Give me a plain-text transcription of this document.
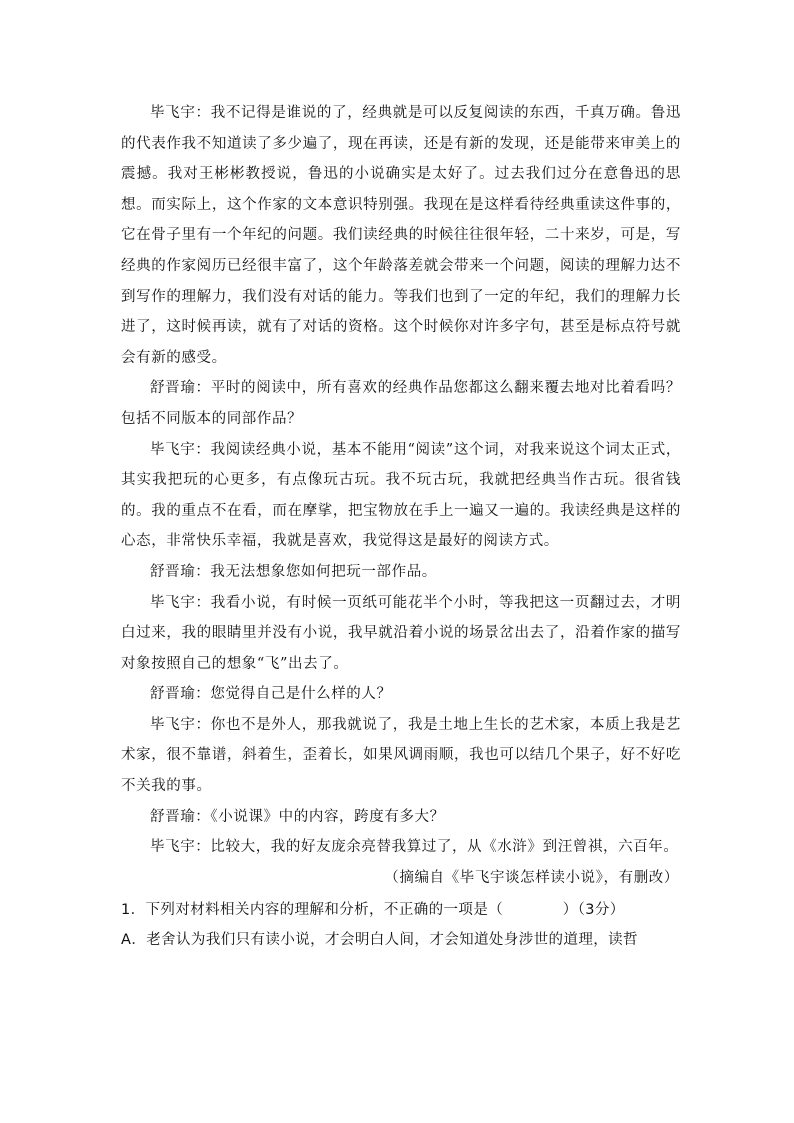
毕飞宇：我不记得是谁说的了，经典就是可以反复阅读的东西，千真万确。鲁迅的代表作我不知道读了多少遍了，现在再读，还是有新的发现，还是能带来审美上的震撼。我对王彬彬教授说，鲁迅的小说确实是太好了。过去我们过分在意鲁迅的思想。而实际上，这个作家的文本意识特别强。我现在是这样看待经典重读这件事的，它在骨子里有一个年纪的问题。我们读经典的时候往往很年轻，二十来岁，可是，写经典的作家阅历已经很丰富了，这个年龄落差就会带来一个问题，阅读的理解力达不到写作的理解力，我们没有对话的能力。等我们也到了一定的年纪，我们的理解力长进了，这时候再读，就有了对话的资格。这个时候你对许多字句，甚至是标点符号就会有新的感受。

舒晋瑜：平时的阅读中，所有喜欢的经典作品您都这么翻来覆去地对比着看吗？包括不同版本的同部作品？

毕飞宇：我阅读经典小说，基本不能用“阅读”这个词，对我来说这个词太正式，其实我把玩的心更多，有点像玩古玩。我不玩古玩，我就把经典当作古玩。很省钱的。我的重点不在看，而在摩挲，把宝物放在手上一遍又一遍的。我读经典是这样的心态，非常快乐幸福，我就是喜欢，我觉得这是最好的阅读方式。

舒晋瑜：我无法想象您如何把玩一部作品。

毕飞宇：我看小说，有时候一页纸可能花半个小时，等我把这一页翻过去，才明白过来，我的眼睛里并没有小说，我早就沿着小说的场景岔出去了，沿着作家的描写对象按照自己的想象“飞”出去了。

舒晋瑜：您觉得自己是什么样的人？

毕飞宇：你也不是外人，那我就说了，我是土地上生长的艺术家，本质上我是艺术家，很不靠谱，斜着生，歪着长，如果风调雨顺，我也可以结几个果子，好不好吃不关我的事。

舒晋瑜：《小说课》中的内容，跨度有多大？

毕飞宇：比较大，我的好友庞余亮替我算过了，从《水浒》到汪曾祺，六百年。

（摘编自《毕飞宇谈怎样读小说》，有删改）

1．下列对材料相关内容的理解和分析，不正确的一项是（　　　　）（3分）

A．老舍认为我们只有读小说，才会明白人间，才会知道处身涉世的道理，读哲
